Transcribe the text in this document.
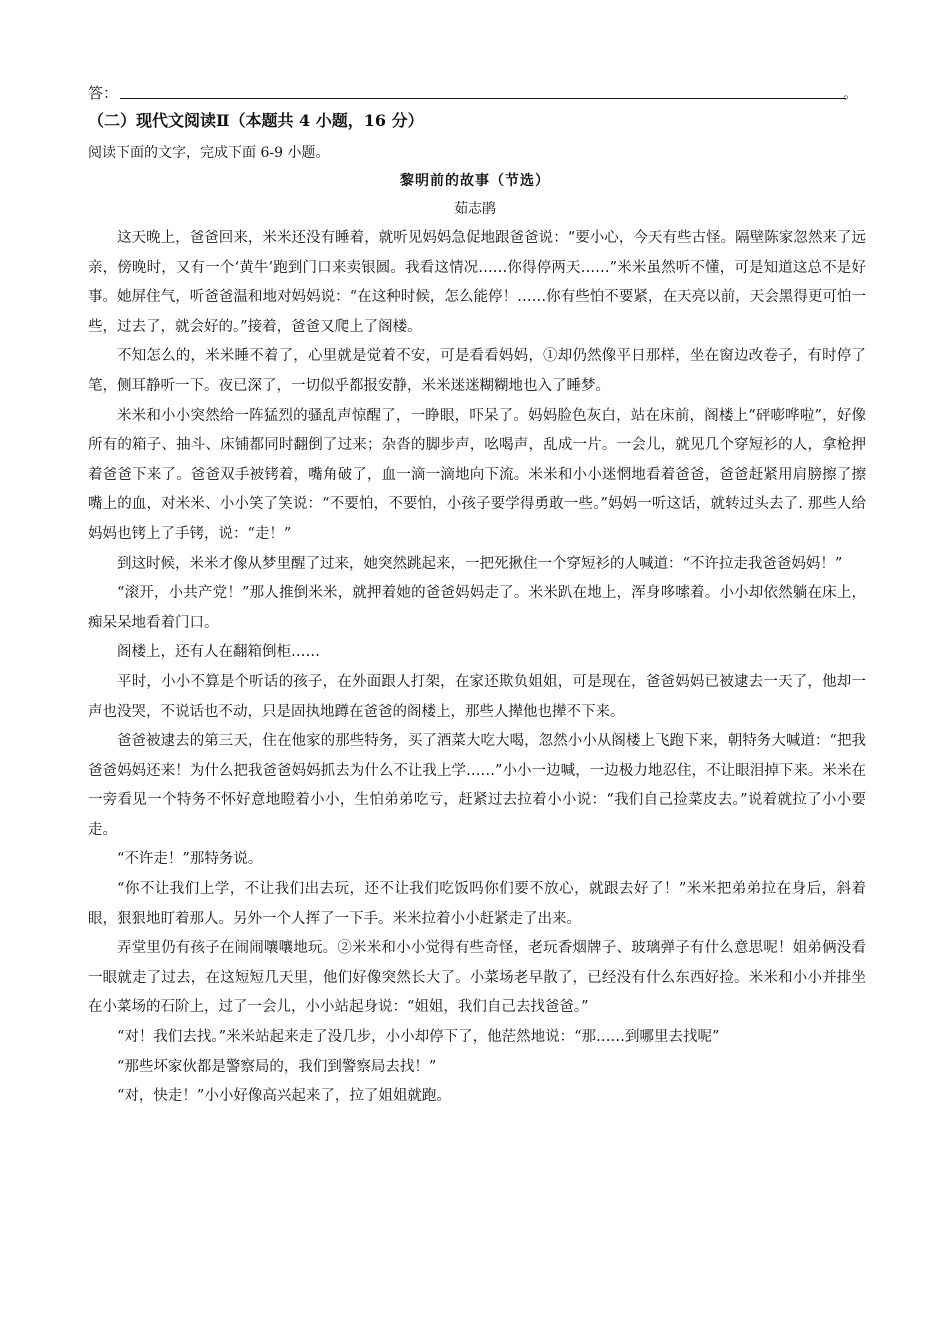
答：	。
（二）现代文阅读Ⅱ（本题共 4 小题，16 分）
阅读下面的文字，完成下面 6-9 小题。
黎明前的故事（节选）
茹志鹃

这天晚上，爸爸回来，米米还没有睡着，就听见妈妈急促地跟爸爸说：“要小心，今天有些古怪。隔壁陈家忽然来了远亲，傍晚时，又有一个‘黄牛’跑到门口来卖银圆。我看这情况……你得停两天……”米米虽然听不懂，可是知道这总不是好事。她屏住气，听爸爸温和地对妈妈说：“在这种时候，怎么能停！……你有些怕不要紧，在天亮以前，天会黑得更可怕一些，过去了，就会好的。”接着，爸爸又爬上了阁楼。

不知怎么的，米米睡不着了，心里就是觉着不安，可是看看妈妈，①却仍然像平日那样，坐在窗边改卷子，有时停了笔，侧耳静听一下。夜已深了，一切似乎都报安静，米米迷迷糊糊地也入了睡梦。

米米和小小突然给一阵猛烈的骚乱声惊醒了，一睁眼，吓呆了。妈妈脸色灰白，站在床前，阁楼上“砰嘭哗啦”，好像所有的箱子、抽斗、床铺都同时翻倒了过来；杂沓的脚步声，吆喝声，乱成一片。一会儿，就见几个穿短衫的人，拿枪押着爸爸下来了。爸爸双手被铐着，嘴角破了，血一滴一滴地向下流。米米和小小迷惘地看着爸爸，爸爸赶紧用肩膀擦了擦嘴上的血，对米米、小小笑了笑说：“不要怕，不要怕，小孩子要学得勇敢一些。”妈妈一听这话，就转过头去了. 那些人给妈妈也铐上了手铐，说：“走！”

到这时候，米米才像从梦里醒了过来，她突然跳起来，一把死揪住一个穿短衫的人喊道：“不许拉走我爸爸妈妈！”

“滚开，小共产党！”那人推倒米米，就押着她的爸爸妈妈走了。米米趴在地上，浑身哆嗦着。小小却依然躺在床上，痴呆呆地看着门口。

阁楼上，还有人在翻箱倒柜……

平时，小小不算是个听话的孩子，在外面跟人打架，在家还欺负姐姐，可是现在，爸爸妈妈已被逮去一天了，他却一声也没哭，不说话也不动，只是固执地蹲在爸爸的阁楼上，那些人撵他也撵不下来。

爸爸被逮去的第三天，住在他家的那些特务，买了酒菜大吃大喝，忽然小小从阁楼上飞跑下来，朝特务大喊道：“把我爸爸妈妈还来！为什么把我爸爸妈妈抓去为什么不让我上学……”小小一边喊，一边极力地忍住，不让眼泪掉下来。米米在一旁看见一个特务不怀好意地瞪着小小，生怕弟弟吃亏，赶紧过去拉着小小说：“我们自己捡菜皮去。”说着就拉了小小要走。

“不许走！”那特务说。

“你不让我们上学，不让我们出去玩，还不让我们吃饭吗你们要不放心，就跟去好了！”米米把弟弟拉在身后，斜着眼，狠狠地盯着那人。另外一个人挥了一下手。米米拉着小小赶紧走了出来。

弄堂里仍有孩子在闹闹嚷嚷地玩。②米米和小小觉得有些奇怪，老玩香烟牌子、玻璃弹子有什么意思呢！姐弟俩没看一眼就走了过去，在这短短几天里，他们好像突然长大了。小菜场老早散了，已经没有什么东西好捡。米米和小小并排坐在小菜场的石阶上，过了一会儿，小小站起身说：“姐姐，我们自己去找爸爸。”

“对！我们去找。”米米站起来走了没几步，小小却停下了，他茫然地说：“那……到哪里去找呢”

“那些坏家伙都是警察局的，我们到警察局去找！”

“对，快走！”小小好像高兴起来了，拉了姐姐就跑。
